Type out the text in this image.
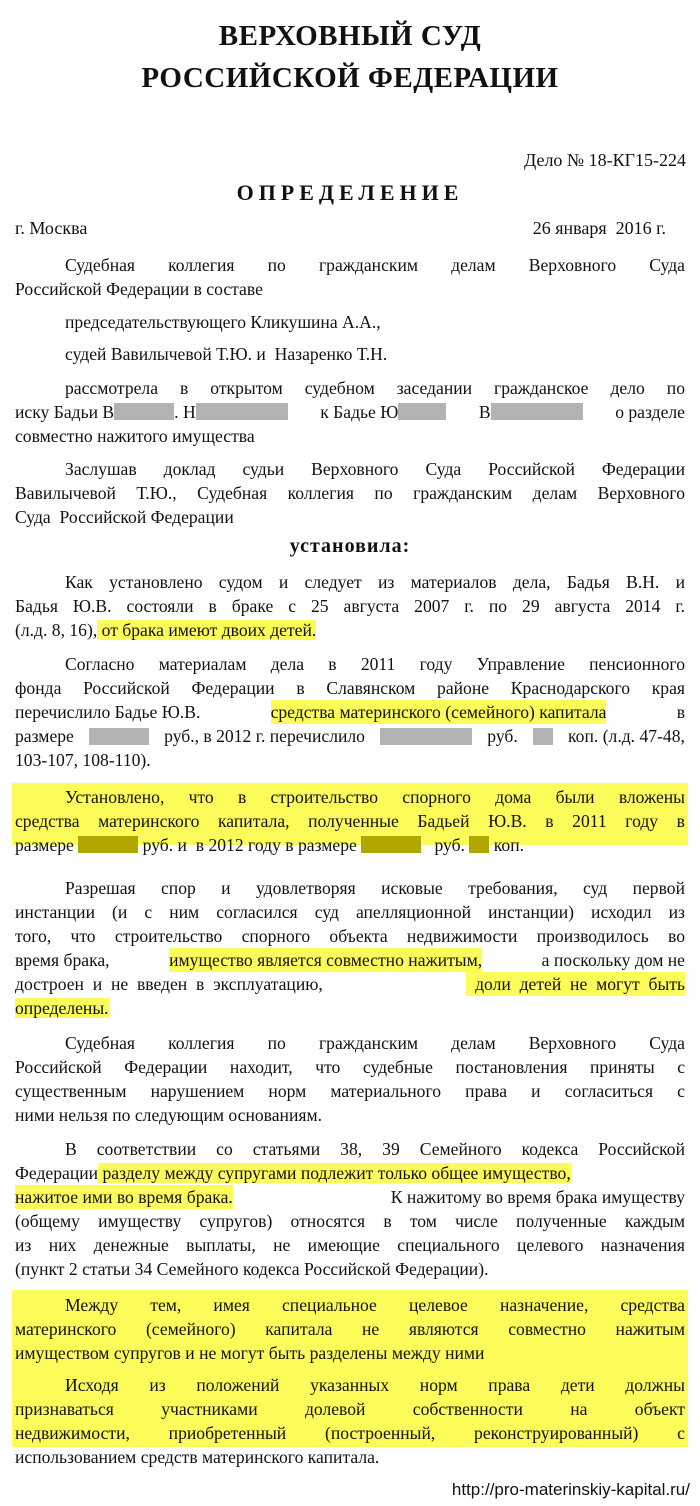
ВЕРХОВНЫЙ СУД
РОССИЙСКОЙ ФЕДЕРАЦИИ
Дело № 18-КГ15-224
ОПРЕДЕЛЕНИЕ
г. Москва	26 января  2016 г.
Судебная коллегия по гражданским делам Верховного Суда
Российской Федерации в составе
председательствующего Кликушина А.А.,
судей Вавилычевой Т.Ю. и  Назаренко Т.Н.
рассмотрела в открытом судебном заседании гражданское дело по
иску Бадьи В	. Н	к Бадье Ю	В	о разделе
совместно нажитого имущества
Заслушав доклад судьи Верховного Суда Российской Федерации
Вавилычевой Т.Ю., Судебная коллегия по гражданским делам Верховного
Суда  Российской Федерации
установила:
Как установлено судом и следует из материалов дела, Бадья В.Н. и
Бадья Ю.В. состояли в браке с 25 августа 2007 г. по 29 августа 2014 г.
(л.д. 8, 16), от брака имеют двоих детей.
Согласно материалам дела в 2011 году Управление пенсионного
фонда Российской Федерации в Славянском районе Краснодарского края
перечислило Бадье Ю.В.	средства материнского (семейного) капитала	в
размере	руб., в 2012 г. перечислило	руб.	коп. (л.д. 47-48,
103-107, 108-110).
Установлено, что в строительство спорного дома были вложены
средства материнского капитала, полученные Бадьей Ю.В. в 2011 году в
размере	руб. и  в 2012 году в размере	руб. коп.
Разрешая спор и удовлетворяя исковые требования, суд первой
инстанции (и с ним согласился суд апелляционной инстанции) исходил из
того, что строительство спорного объекта недвижимости производилось во
время брака,	имущество является совместно нажитым,	а поскольку дом не
достроен  и  не  введен  в  эксплуатацию,	доли  детей  не  могут  быть
определены.
Судебная коллегия по гражданским делам Верховного Суда
Российской Федерации находит, что судебные постановления приняты с
существенным нарушением норм материального права и согласиться с
ними нельзя по следующим основаниям.
В соответствии со статьями 38, 39 Семейного кодекса Российской
Федерации разделу между супругами подлежит только общее имущество,
нажитое ими во время брака.	К нажитому во время брака имуществу
(общему имуществу супругов) относятся в том числе полученные каждым
из них денежные выплаты, не имеющие специального целевого назначения
(пункт 2 статьи 34 Семейного кодекса Российской Федерации).
Между  тем,  имея  специальное  целевое  назначение,  средства
материнского  (семейного)  капитала  не  являются  совместно  нажитым
имуществом супругов и не могут быть разделены между ними
Исходя  из  положений  указанных  норм  права  дети  должны
признаваться   участниками   долевой   собственности   на   объект
недвижимости, приобретенный (построенный, реконструированный) с
использованием средств материнского капитала.
http://pro-materinskiy-kapital.ru/
